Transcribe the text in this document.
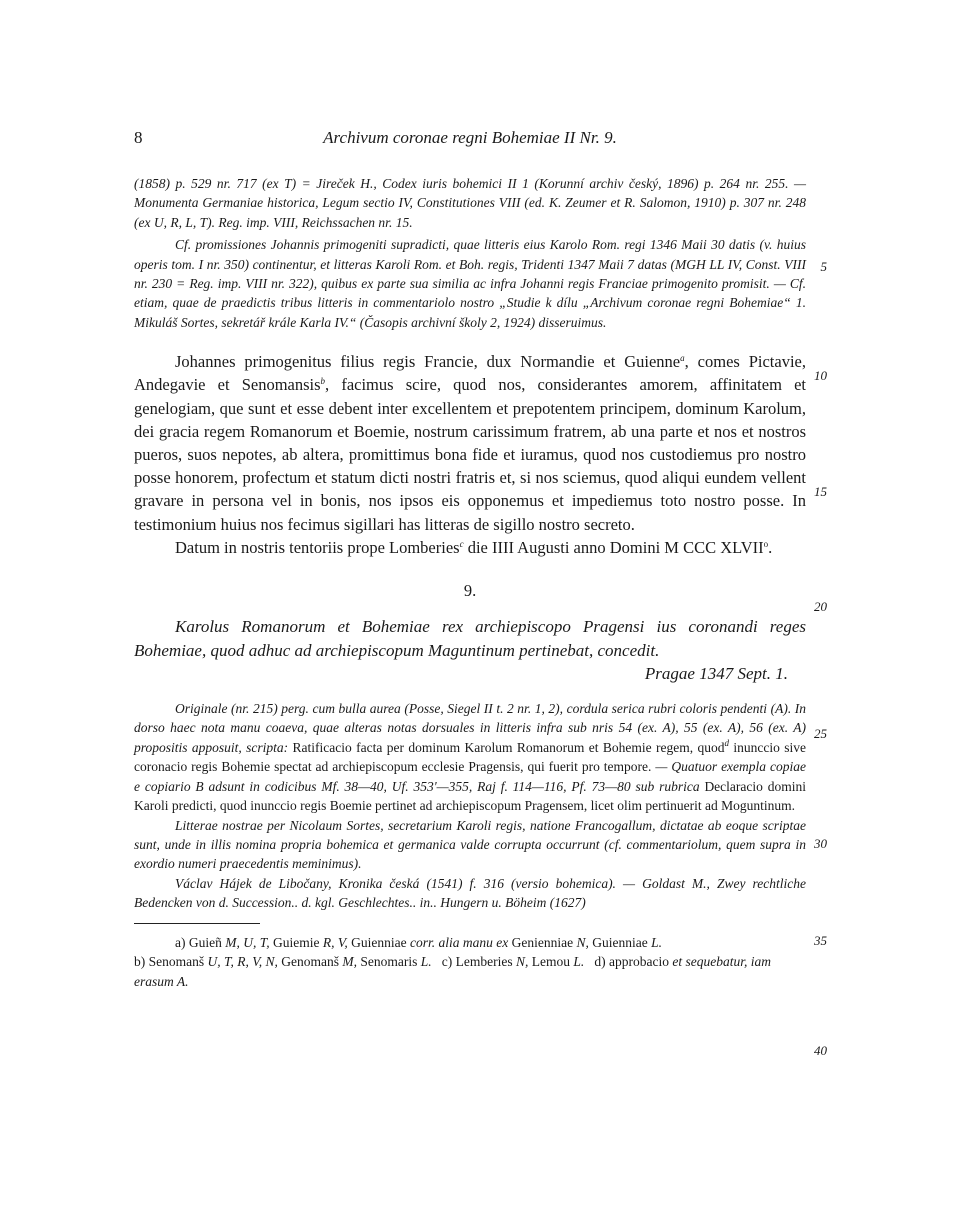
8	Archivum coronae regni Bohemiae II Nr. 9.

(1858) p. 529 nr. 717 (ex T) = Jireček H., Codex iuris bohemici II 1 (Korunní archiv český, 1896) p. 264 nr. 255. — Monumenta Germaniae historica, Legum sectio IV, Constitutiones VIII (ed. K. Zeumer et R. Salomon, 1910) p. 307 nr. 248 (ex U, R, L, T). Reg. imp. VIII, Reichssachen nr. 15.

Cf. promissiones Johannis primogeniti supradicti, quae litteris eius Karolo Rom. regi 1346 Maii 30 datis (v. huius operis tom. I nr. 350) continentur, et litteras Karoli Rom. et Boh. regis, Tridenti 1347 Maii 7 datas (MGH LL IV, Const. VIII nr. 230 = Reg. imp. VIII nr. 322), quibus ex parte sua similia ac infra Johanni regis Franciae primogenito promisit. — Cf. etiam, quae de praedictis tribus litteris in commentariolo nostro „Studie k dílu „Archivum coronae regni Bohemiae“ 1. Mikuláš Sortes, sekretář krále Karla IV.“ (Časopis archivní školy 2, 1924) disseruimus.

Johannes primogenitus filius regis Francie, dux Normandie et Guienne$^a$, comes Pictavie, Andegavie et Senomansis$^b$, facimus scire, quod nos, considerantes amorem, affinitatem et genelogiam, que sunt et esse debent inter excellentem et prepotentem principem, dominum Karolum, dei gracia regem Romanorum et Boemie, nostrum carissimum fratrem, ab una parte et nos et nostros pueros, suos nepotes, ab altera, promittimus bona fide et iuramus, quod nos custodiemus pro nostro posse honorem, profectum et statum dicti nostri fratris et, si nos sciemus, quod aliqui eundem vellent gravare in persona vel in bonis, nos ipsos eis opponemus et impediemus toto nostro posse. In testimonium huius nos fecimus sigillari has litteras de sigillo nostro secreto.

Datum in nostris tentoriis prope Lomberies$^c$ die IIII Augusti anno Domini M CCC XLVII$^o$.

9.

Karolus Romanorum et Bohemiae rex archiepiscopo Pragensi ius coronandi reges Bohemiae, quod adhuc ad archiepiscopum Maguntinum pertinebat, concedit.

Pragae 1347 Sept. 1.

Originale (nr. 215) perg. cum bulla aurea (Posse, Siegel II t. 2 nr. 1, 2), cordula serica rubri coloris pendenti (A). In dorso haec nota manu coaeva, quae alteras notas dorsuales in litteris infra sub nris 54 (ex. A), 55 (ex. A), 56 (ex. A) propositis apposuit, scripta: Ratificacio facta per dominum Karolum Romanorum et Bohemie regem, quod$^d$ inunccio sive coronacio regis Bohemie spectat ad archiepiscopum ecclesie Pragensis, qui fuerit pro tempore. — Quatuor exempla copiae e copiario B adsunt in codicibus Mf. 38—40, Uf. 353'—355, Raj f. 114—116, Pf. 73—80 sub rubrica Declaracio domini Karoli predicti, quod inunccio regis Boemie pertinet ad archiepiscopum Pragensem, licet olim pertinuerit ad Moguntinum.

Litterae nostrae per Nicolaum Sortes, secretarium Karoli regis, natione Francogallum, dictatae ab eoque scriptae sunt, unde in illis nomina propria bohemica et germanica valde corrupta occurrunt (cf. commentariolum, quem supra in exordio numeri praecedentis meminimus).

Václav Hájek de Libočany, Kronika česká (1541) f. 316 (versio bohemica). — Goldast M., Zwey rechtliche Bedencken von d. Succession.. d. kgl. Geschlechtes.. in.. Hungern u. Böheim (1627)

a) Guieñ M, U, T, Guiemie R, V, Guienniae corr. alia manu ex Genienniae N, Guienniae L.

b) Senomanš U, T, R, V, N, Genomanš M, Senomaris L. c) Lemberies N, Lemou L. d) approbacio et sequebatur, iam erasum A.

5
10
15
20
25
30
35
40
